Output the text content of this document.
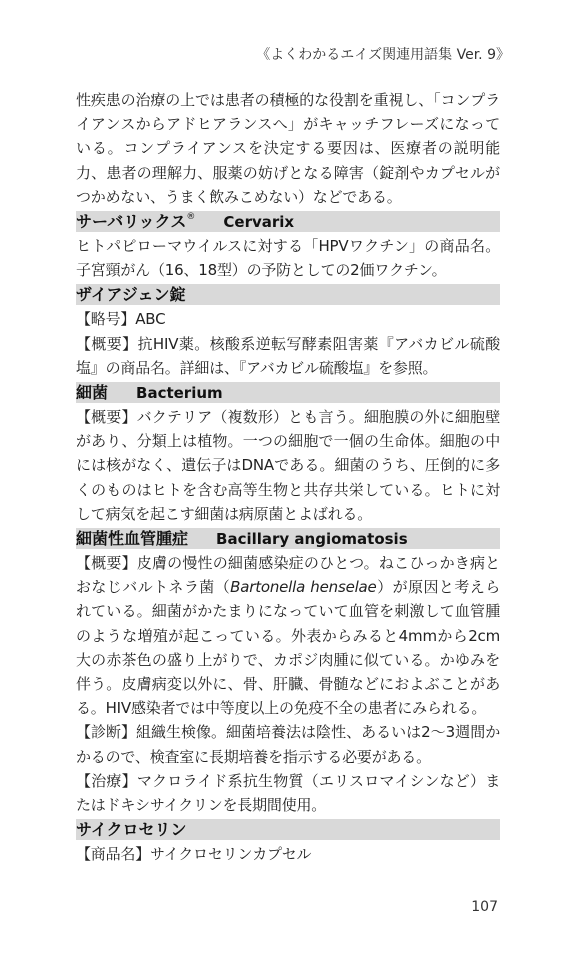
《よくわかるエイズ関連用語集 Ver. 9》

性疾患の治療の上では患者の積極的な役割を重視し、「コンプライアンスからアドヒアランスへ」がキャッチフレーズになっている。コンプライアンスを決定する要因は、医療者の説明能力、患者の理解力、服薬の妨げとなる障害（錠剤やカプセルがつかめない、うまく飲みこめない）などである。

サーバリックス® Cervarix

ヒトパピローマウイルスに対する「HPVワクチン」の商品名。子宮頸がん（16、18型）の予防としての2価ワクチン。

ザイアジェン錠

【略号】ABC

【概要】抗HIV薬。核酸系逆転写酵素阻害薬『アバカビル硫酸塩』の商品名。詳細は、『アバカビル硫酸塩』を参照。

細菌 Bacterium

【概要】バクテリア（複数形）とも言う。細胞膜の外に細胞壁があり、分類上は植物。一つの細胞で一個の生命体。細胞の中には核がなく、遺伝子はDNAである。細菌のうち、圧倒的に多くのものはヒトを含む高等生物と共存共栄している。ヒトに対して病気を起こす細菌は病原菌とよばれる。

細菌性血管腫症 Bacillary angiomatosis

【概要】皮膚の慢性の細菌感染症のひとつ。ねこひっかき病とおなじバルトネラ菌（Bartonella henselae）が原因と考えられている。細菌がかたまりになっていて血管を刺激して血管腫のような増殖が起こっている。外表からみると4mmから2cm大の赤茶色の盛り上がりで、カポジ肉腫に似ている。かゆみを伴う。皮膚病変以外に、骨、肝臓、骨髄などにおよぶことがある。HIV感染者では中等度以上の免疫不全の患者にみられる。

【診断】組織生検像。細菌培養法は陰性、あるいは2～3週間かかるので、検査室に長期培養を指示する必要がある。

【治療】マクロライド系抗生物質（エリスロマイシンなど）またはドキシサイクリンを長期間使用。

サイクロセリン

【商品名】サイクロセリンカプセル

107
